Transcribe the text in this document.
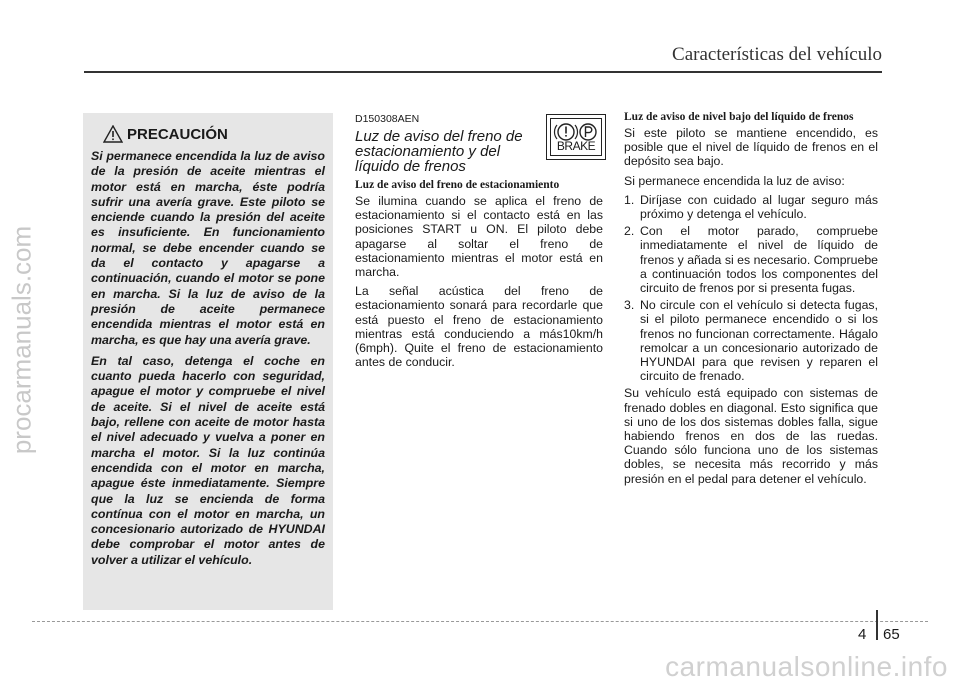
Características del vehículo
procarmanuals.com
PRECAUCIÓN

Si permanece encendida la luz de aviso de la presión de aceite mientras el motor está en marcha, éste podría sufrir una avería grave. Este piloto se enciende cuando la presión del aceite es insuficiente. En funcionamiento normal, se debe encender cuando se da el contacto y apagarse a continuación, cuando el motor se pone en marcha. Si la luz de aviso de la presión de aceite permanece encendida mientras el motor está en marcha, es que hay una avería grave.

En tal caso, detenga el coche en cuanto pueda hacerlo con seguridad, apague el motor y compruebe el nivel de aceite. Si el nivel de aceite está bajo, rellene con aceite de motor hasta el nivel adecuado y vuelva a poner en marcha el motor. Si la luz continúa encendida con el motor en marcha, apague éste inmediatamente. Siempre que la luz se encienda de forma contínua con el motor en marcha, un concesionario autorizado de HYUNDAI debe comprobar el motor antes de volver a utilizar el vehículo.

D150308AEN
Luz de aviso del freno de estacionamiento y del líquido de frenos
Luz de aviso del freno de estacionamiento

Se ilumina cuando se aplica el freno de estacionamiento si el contacto está en las posiciones START u ON. El piloto debe apagarse al soltar el freno de estacionamiento mientras el motor está en marcha.

La señal acústica del freno de estacionamiento sonará para recordarle que está puesto el freno de estacionamiento mientras está conduciendo a más10km/h (6mph). Quite el freno de estacionamiento antes de conducir.

BRAKE
Luz de aviso de nivel bajo del líquido de frenos

Si este piloto se mantiene encendido, es posible que el nivel de líquido de frenos en el depósito sea bajo.

Si permanece encendida la luz de aviso:

1. Diríjase con cuidado al lugar seguro más próximo y detenga el vehículo.
2. Con el motor parado, compruebe inmediatamente el nivel de líquido de frenos y añada si es necesario. Compruebe a continuación todos los componentes del circuito de frenos por si presenta fugas.
3. No circule con el vehículo si detecta fugas, si el piloto permanece encendido o si los frenos no funcionan correctamente. Hágalo remolcar a un concesionario autorizado de HYUNDAI para que revisen y reparen el circuito de frenado.

Su vehículo está equipado con sistemas de frenado dobles en diagonal. Esto significa que si uno de los dos sistemas dobles falla, sigue habiendo frenos en dos de las ruedas. Cuando sólo funciona uno de los sistemas dobles, se necesita más recorrido y más presión en el pedal para detener el vehículo.

4 65
carmanualsonline.info
